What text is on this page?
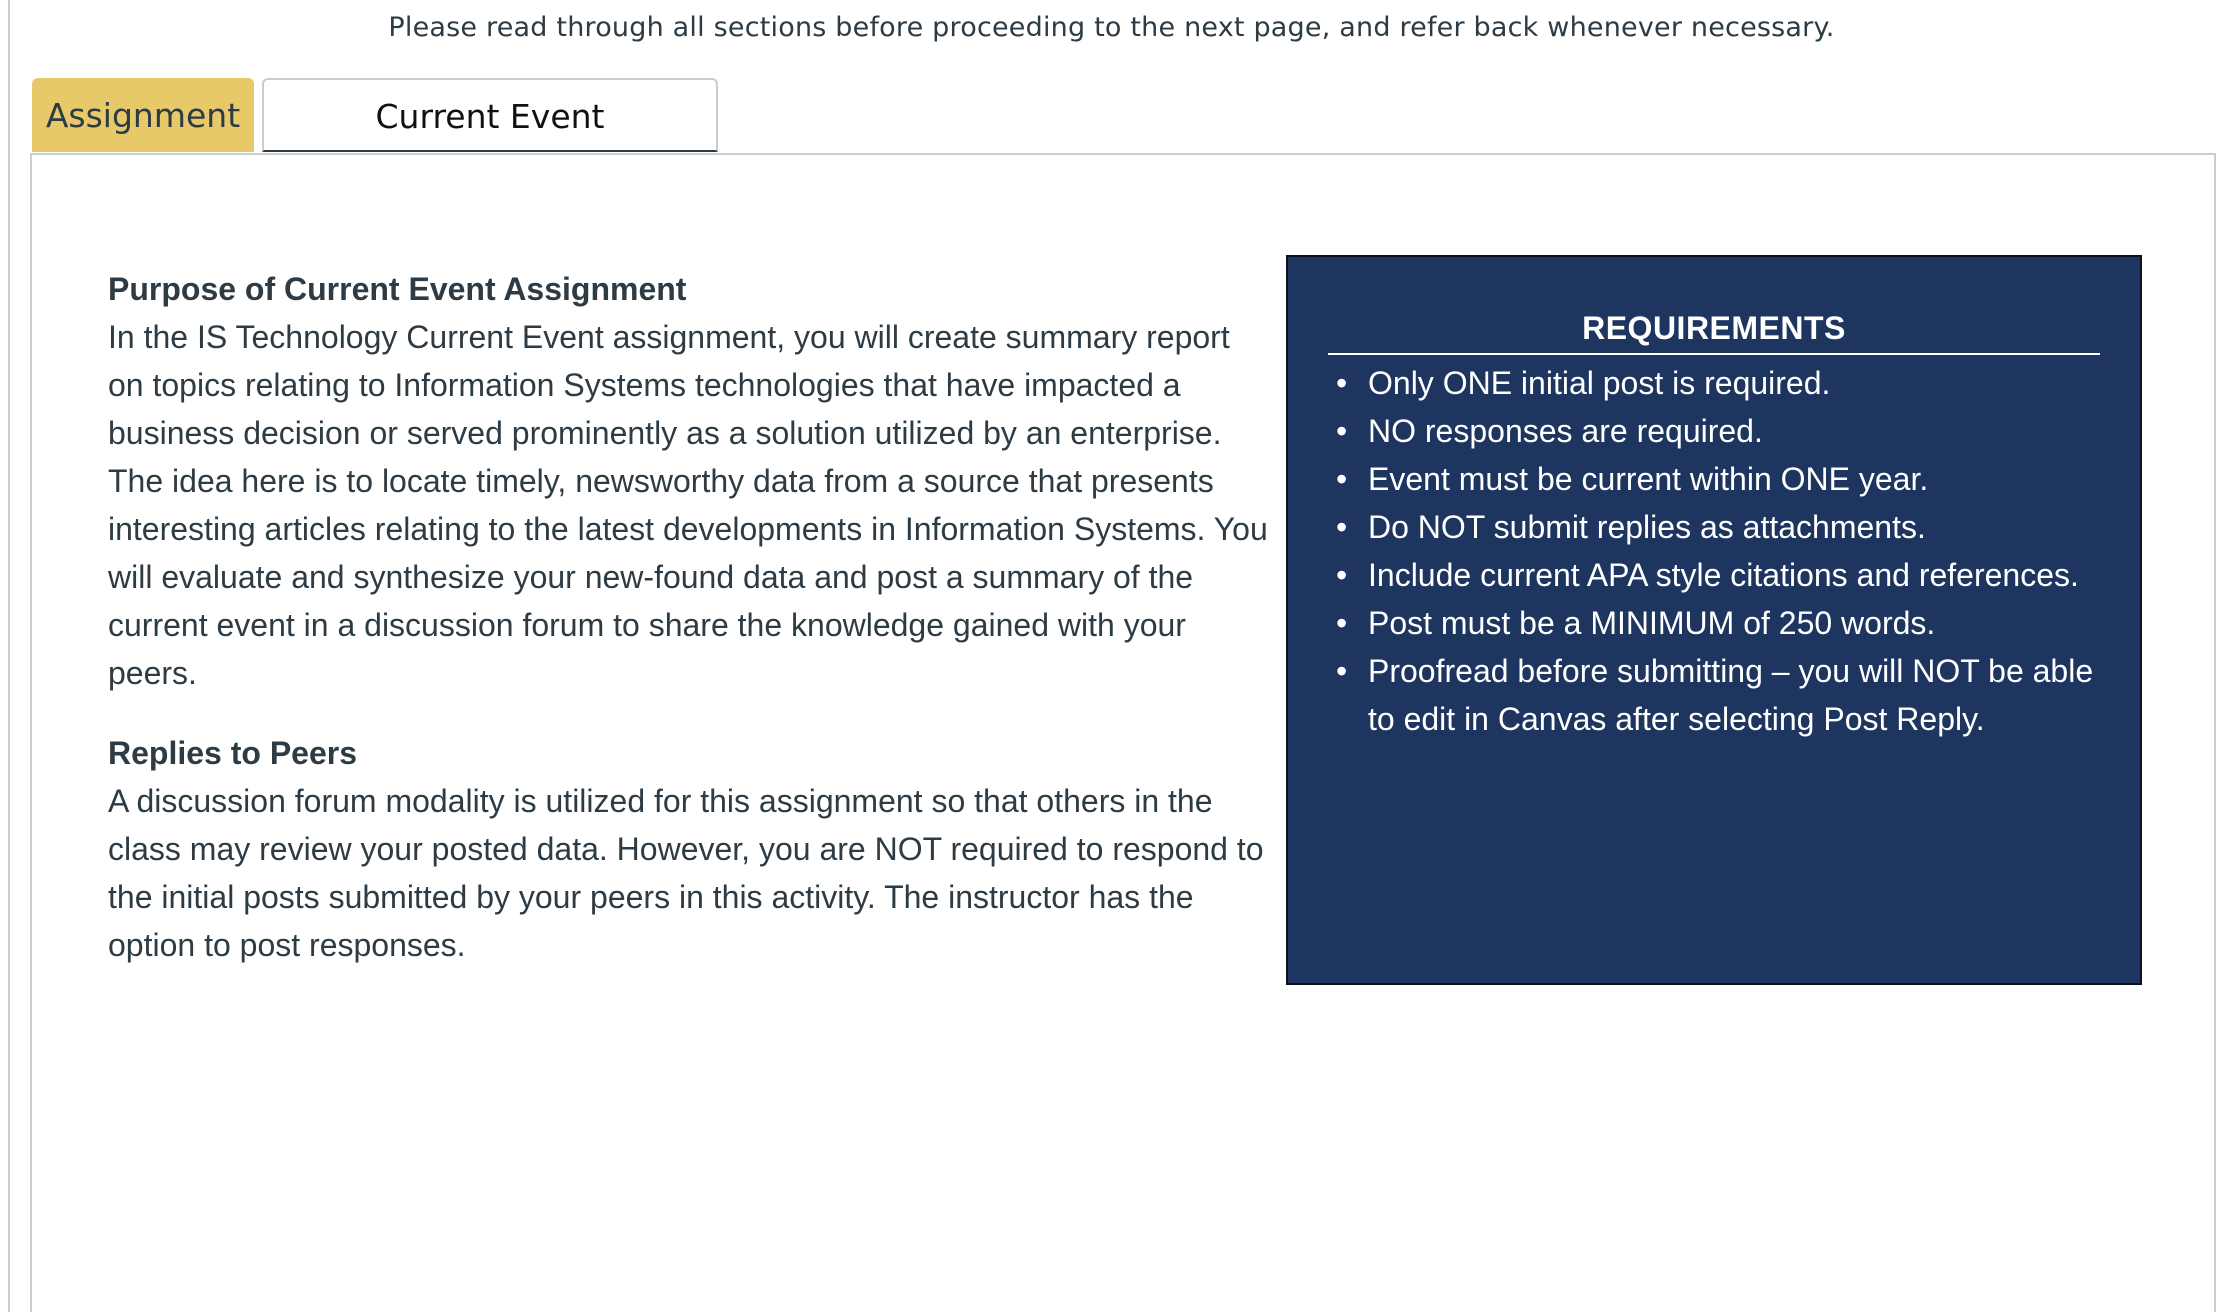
Please read through all sections before proceeding to the next page, and refer back whenever necessary.
Assignment	Current Event

Purpose of Current Event Assignment

In the IS Technology Current Event assignment, you will create summary report on topics relating to Information Systems technologies that have impacted a business decision or served prominently as a solution utilized by an enterprise. The idea here is to locate timely, newsworthy data from a source that presents interesting articles relating to the latest developments in Information Systems. You will evaluate and synthesize your new-found data and post a summary of the current event in a discussion forum to share the knowledge gained with your peers.

Replies to Peers

A discussion forum modality is utilized for this assignment so that others in the class may review your posted data. However, you are NOT required to respond to the initial posts submitted by your peers in this activity. The instructor has the option to post responses.

REQUIREMENTS
• Only ONE initial post is required.
• NO responses are required.
• Event must be current within ONE year.
• Do NOT submit replies as attachments.
• Include current APA style citations and references.
• Post must be a MINIMUM of 250 words.
• Proofread before submitting – you will NOT be able to edit in Canvas after selecting Post Reply.
